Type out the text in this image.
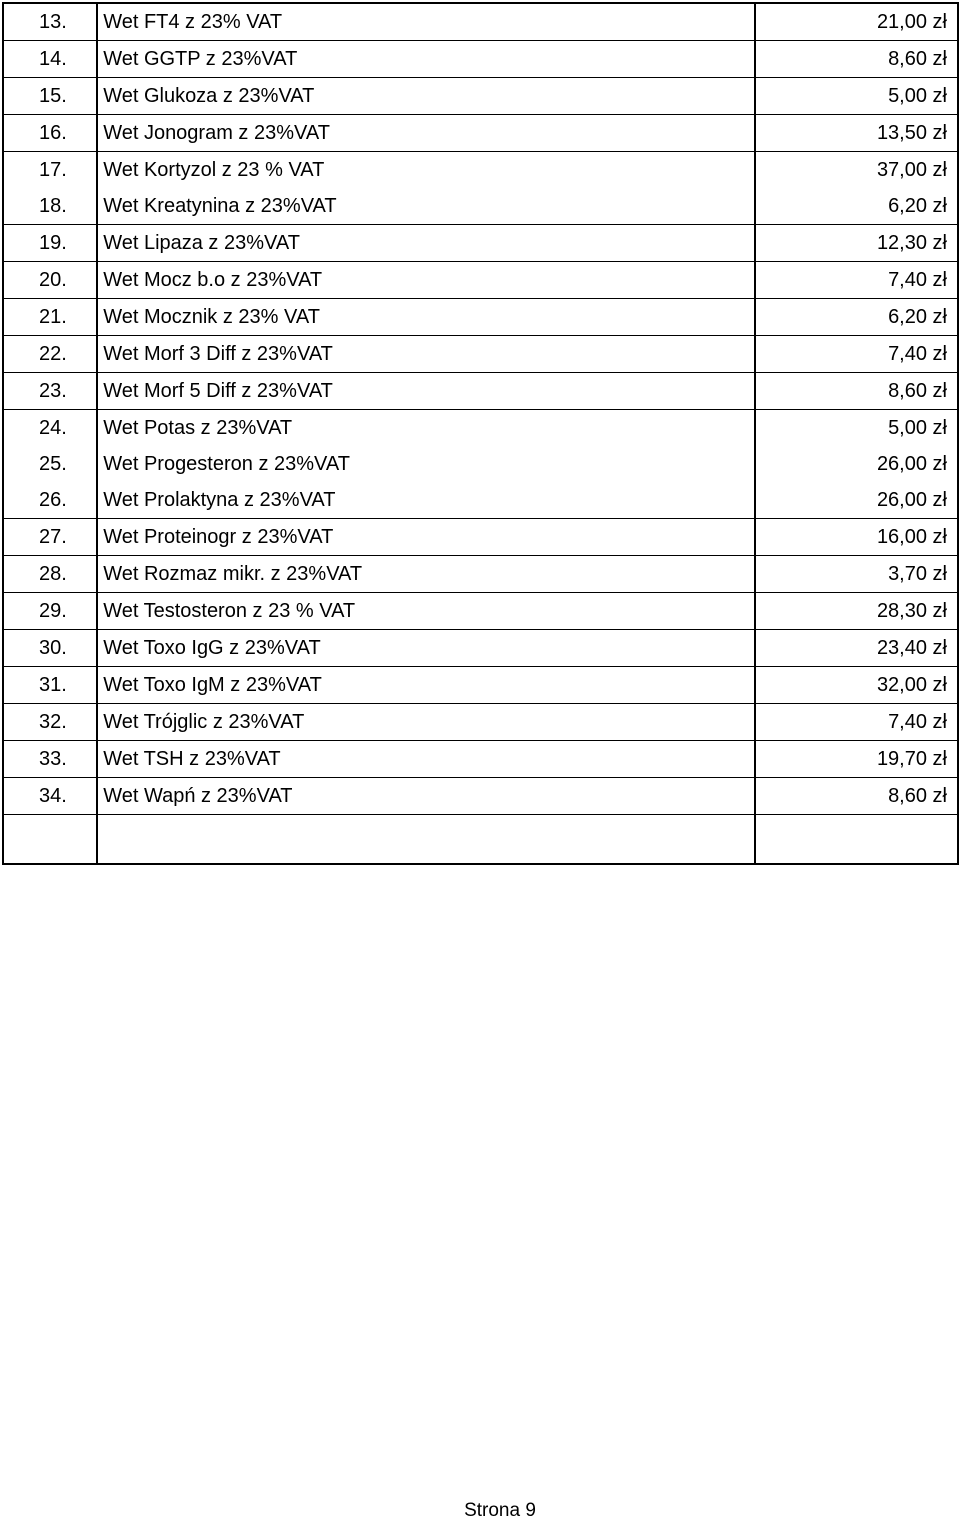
13.	Wet FT4 z 23% VAT	21,00 zł
14.	Wet GGTP z 23%VAT	8,60 zł
15.	Wet Glukoza z 23%VAT	5,00 zł
16.	Wet Jonogram z 23%VAT	13,50 zł
17.	Wet Kortyzol z 23 % VAT	37,00 zł
18.	Wet Kreatynina z 23%VAT	6,20 zł
19.	Wet Lipaza z 23%VAT	12,30 zł
20.	Wet Mocz b.o z 23%VAT	7,40 zł
21.	Wet Mocznik z 23% VAT	6,20 zł
22.	Wet Morf 3 Diff z 23%VAT	7,40 zł
23.	Wet Morf 5 Diff z 23%VAT	8,60 zł
24.	Wet Potas z 23%VAT	5,00 zł
25.	Wet Progesteron z 23%VAT	26,00 zł
26.	Wet Prolaktyna z 23%VAT	26,00 zł
27.	Wet Proteinogr z 23%VAT	16,00 zł
28.	Wet Rozmaz mikr. z 23%VAT	3,70 zł
29.	Wet Testosteron z 23 % VAT	28,30 zł
30.	Wet Toxo IgG z 23%VAT	23,40 zł
31.	Wet Toxo IgM z 23%VAT	32,00 zł
32.	Wet Trójglic z 23%VAT	7,40 zł
33.	Wet TSH z 23%VAT	19,70 zł
34.	Wet Wapń z 23%VAT	8,60 zł

Strona 9
